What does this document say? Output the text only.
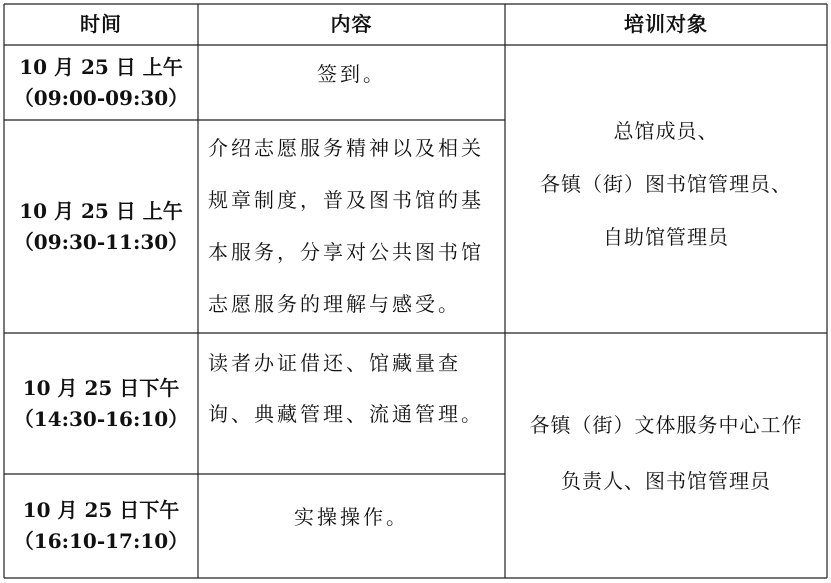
时间	内容	培训对象
10 月 25 日 上午
（09:00-09:30）
签到。
10 月 25 日 上午
（09:30-11:30）
介绍志愿服务精神以及相关规章制度，普及图书馆的基本服务，分享对公共图书馆志愿服务的理解与感受。
10 月 25 日下午
（14:30-16:10）
读者办证借还、馆藏量查询、典藏管理、流通管理。
10 月 25 日下午
（16:10-17:10）
实操操作。
总馆成员、
各镇（街）图书馆管理员、
自助馆管理员
各镇（街）文体服务中心工作
负责人、图书馆管理员
